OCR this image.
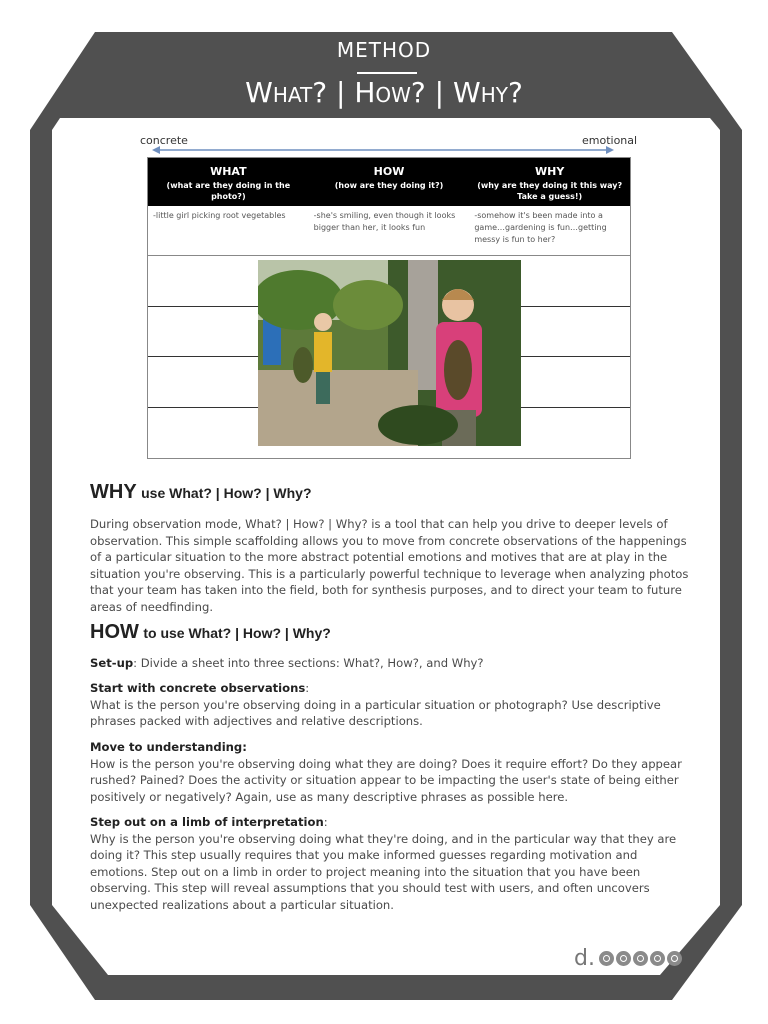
METHOD
What? | How? | Why?
concrete	emotional
WHAT
(what are they doing in the photo?)
HOW
(how are they doing it?)
WHY
(why are they doing it this way? Take a guess!)
-little girl picking root vegetables	-she's smiling, even though it looks bigger than her, it looks fun
-somehow it's been made into a game…gardening is fun…getting messy is fun to her?
WHY use What? | How? | Why?
During observation mode, What? | How? | Why? is a tool that can help you drive to deeper levels of observation. This simple scaffolding allows you to move from concrete observations of the happenings of a particular situation to the more abstract potential emotions and motives that are at play in the situation you're observing. This is a particularly powerful technique to leverage when analyzing photos that your team has taken into the field, both for synthesis purposes, and to direct your team to future areas of needfinding.
HOW to use What? | How? | Why?
Set-up: Divide a sheet into three sections: What?, How?, and Why?
Start with concrete observations:
What is the person you're observing doing in a particular situation or photograph? Use descriptive phrases packed with adjectives and relative descriptions.
Move to understanding:
How is the person you're observing doing what they are doing? Does it require effort? Do they appear rushed? Pained? Does the activity or situation appear to be impacting the user's state of being either positively or negatively? Again, use as many descriptive phrases as possible here.
Step out on a limb of interpretation:
Why is the person you're observing doing what they're doing, and in the particular way that they are doing it? This step usually requires that you make informed guesses regarding motivation and emotions. Step out on a limb in order to project meaning into the situation that you have been observing. This step will reveal assumptions that you should test with users, and often uncovers unexpected realizations about a particular situation.
d.
